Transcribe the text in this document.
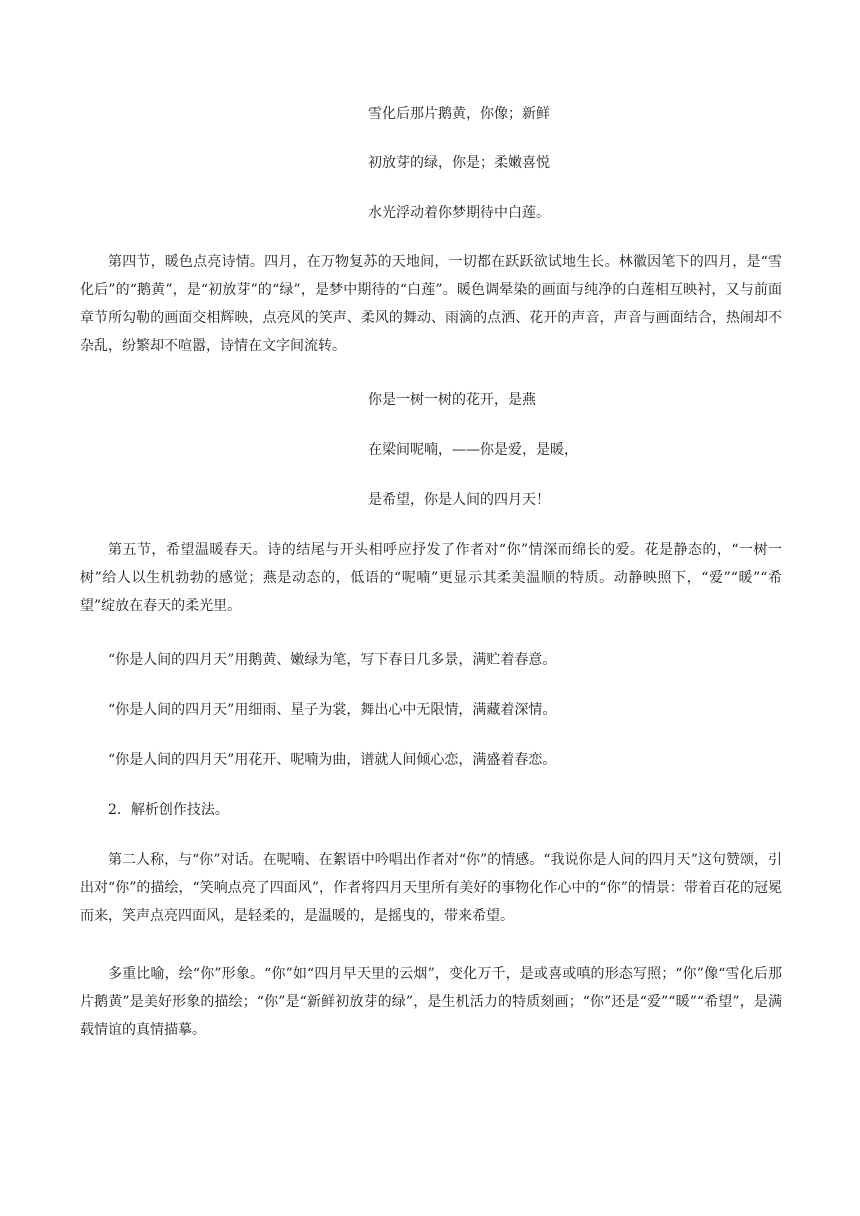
雪化后那片鹅黄，你像；新鲜

初放芽的绿，你是；柔嫩喜悦

水光浮动着你梦期待中白莲。

第四节，暖色点亮诗情。四月，在万物复苏的天地间，一切都在跃跃欲试地生长。林徽因笔下的四月，是“雪化后”的“鹅黄”，是“初放芽”的“绿”，是梦中期待的“白莲”。暖色调晕染的画面与纯净的白莲相互映衬，又与前面章节所勾勒的画面交相辉映，点亮风的笑声、柔风的舞动、雨滴的点洒、花开的声音，声音与画面结合，热闹却不杂乱，纷繁却不喧嚣，诗情在文字间流转。

你是一树一树的花开，是燕

在梁间呢喃，——你是爱，是暖，

是希望，你是人间的四月天！

第五节，希望温暖春天。诗的结尾与开头相呼应抒发了作者对“你”情深而绵长的爱。花是静态的，“一树一树”给人以生机勃勃的感觉；燕是动态的，低语的“呢喃”更显示其柔美温顺的特质。动静映照下，“爱”“暖”“希望”绽放在春天的柔光里。

“你是人间的四月天”用鹅黄、嫩绿为笔，写下春日几多景，满贮着春意。

“你是人间的四月天”用细雨、星子为裳，舞出心中无限情，满藏着深情。

“你是人间的四月天”用花开、呢喃为曲，谱就人间倾心恋，满盛着春恋。

2．解析创作技法。

第二人称，与“你”对话。在呢喃、在絮语中吟唱出作者对“你”的情感。“我说你是人间的四月天”这句赞颂，引出对“你”的描绘，“笑响点亮了四面风”，作者将四月天里所有美好的事物化作心中的“你”的情景：带着百花的冠冕而来，笑声点亮四面风，是轻柔的，是温暖的，是摇曳的，带来希望。

多重比喻，绘“你”形象。“你”如“四月早天里的云烟”，变化万千，是或喜或嗔的形态写照；“你”像“雪化后那片鹅黄”是美好形象的描绘；“你”是“新鲜初放芽的绿”，是生机活力的特质刻画；“你”还是“爱”“暖”“希望”，是满载情谊的真情描摹。
